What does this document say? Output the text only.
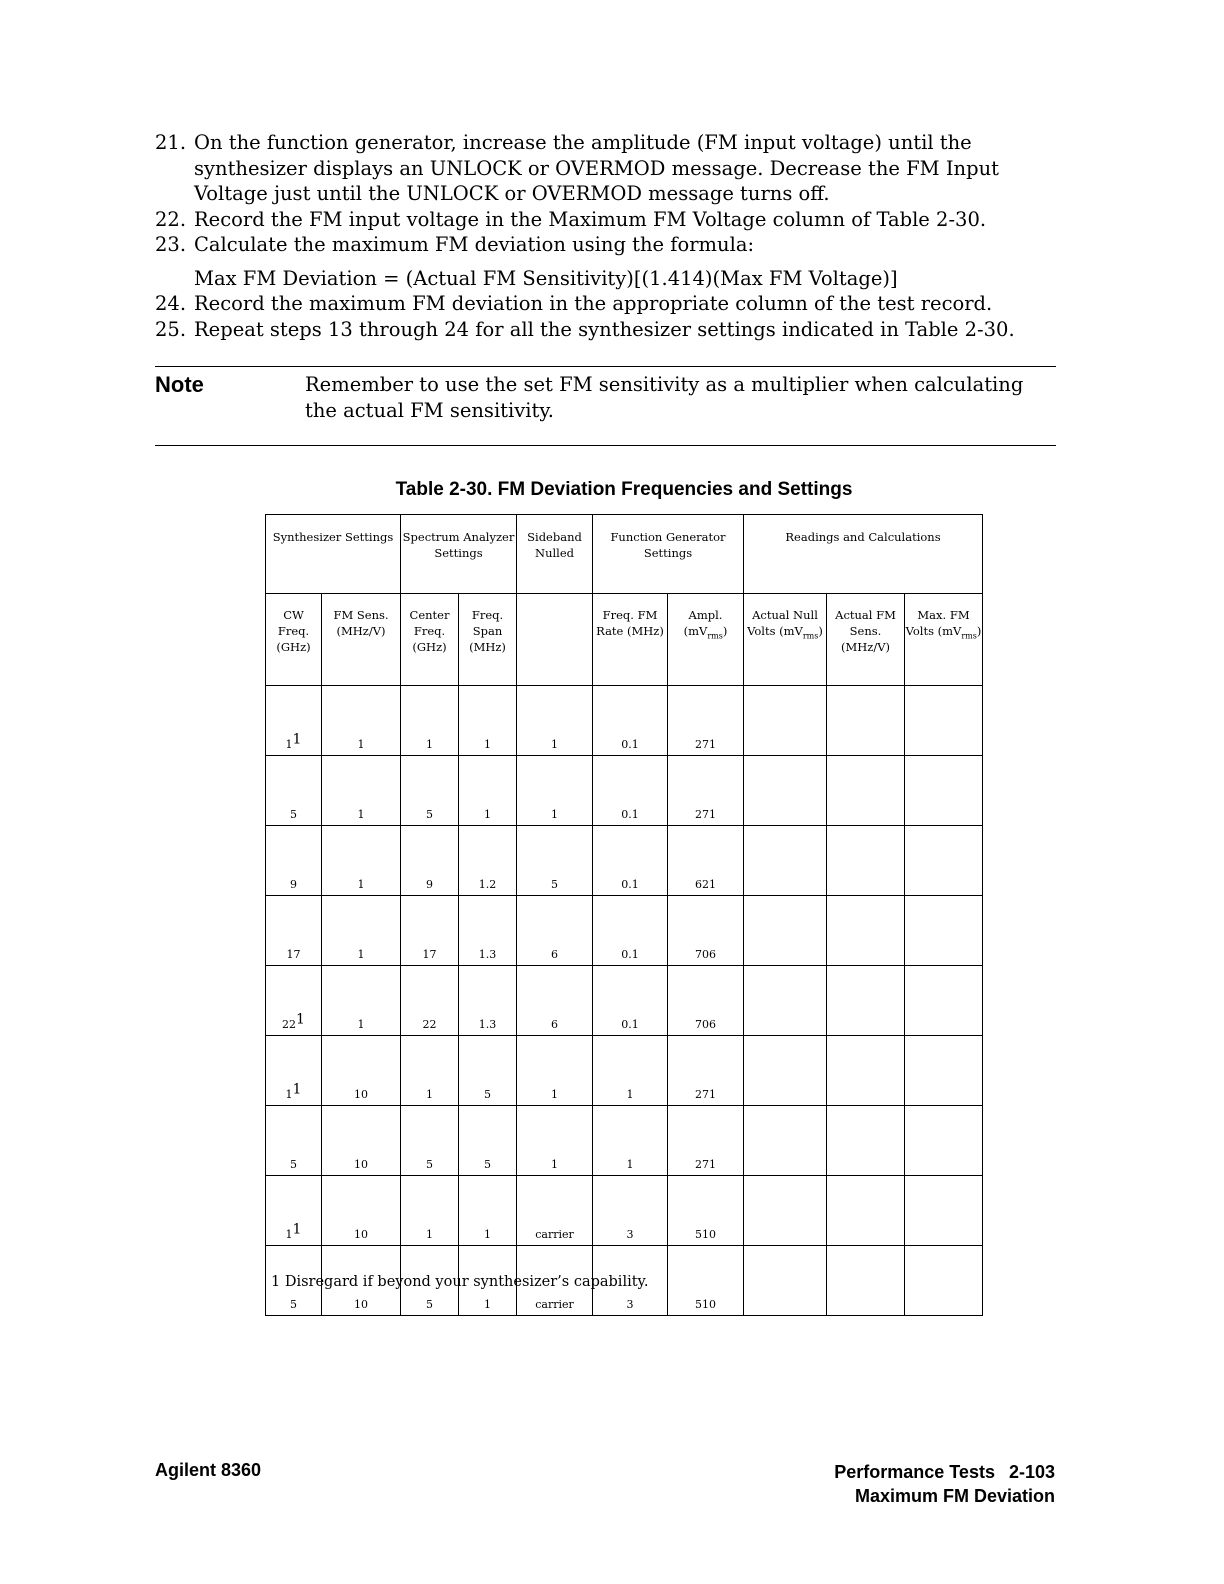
21. On the function generator, increase the amplitude (FM input voltage) until the synthesizer displays an UNLOCK or OVERMOD message. Decrease the FM Input Voltage just until the UNLOCK or OVERMOD message turns off.
22. Record the FM input voltage in the Maximum FM Voltage column of Table 2-30.
23. Calculate the maximum FM deviation using the formula:
Max FM Deviation = (Actual FM Sensitivity)[(1.414)(Max FM Voltage)]
24. Record the maximum FM deviation in the appropriate column of the test record.
25. Repeat steps 13 through 24 for all the synthesizer settings indicated in Table 2-30.
Note	Remember to use the set FM sensitivity as a multiplier when calculating the actual FM sensitivity.
Table 2-30. FM Deviation Frequencies and Settings
Synthesizer Settings		Spectrum Analyzer Settings		Sideband Nulled	Function Generator Settings		Readings and Calculations		
CW Freq. (GHz)	FM Sens. (MHz/V)	Center Freq. (GHz)	Freq. Span (MHz)		Freq. FM Rate (MHz)	Ampl. $(mV_{rms})$	Actual Null Volts $(mV_{rms})$	Actual FM Sens. (MHz/V)	Max. FM Volts $(mV_{rms})$
$1^1$	1	1	1	1	0.1	271			
5	1	5	1	1	0.1	271			
9	1	9	1.2	5	0.1	621			
17	1	17	1.3	6	0.1	706			
$22^1$	1	22	1.3	6	0.1	706			
$1^1$	10	1	5	1	1	271			
5	10	5	5	1	1	271			
$1^1$	10	1	1	carrier	3	510			
5	10	5	1	carrier	3	510			
1 Disregard if beyond your synthesizer’s capability.
Agilent 8360	Performance Tests 2-103
Maximum FM Deviation
